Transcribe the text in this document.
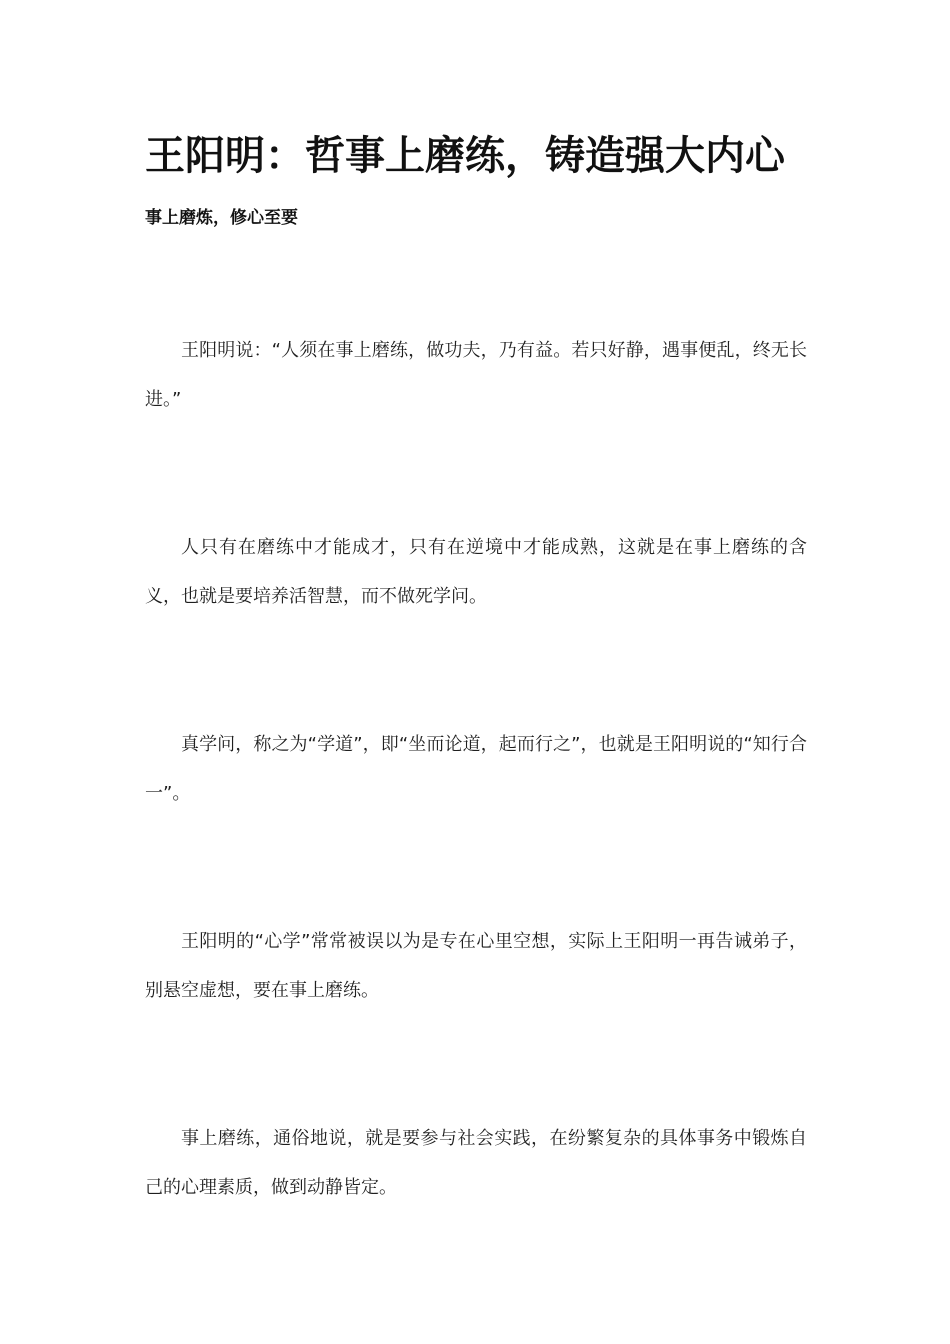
王阳明：哲事上磨练，铸造强大内心
事上磨炼，修心至要

王阳明说：“人须在事上磨练，做功夫，乃有益。若只好静，遇事便乱，终无长进。”

人只有在磨练中才能成才，只有在逆境中才能成熟，这就是在事上磨练的含义，也就是要培养活智慧，而不做死学问。

真学问，称之为“学道”，即“坐而论道，起而行之”，也就是王阳明说的“知行合一”。

王阳明的“心学”常常被误以为是专在心里空想，实际上王阳明一再告诫弟子，别悬空虚想，要在事上磨练。

事上磨练，通俗地说，就是要参与社会实践，在纷繁复杂的具体事务中锻炼自己的心理素质，做到动静皆定。
